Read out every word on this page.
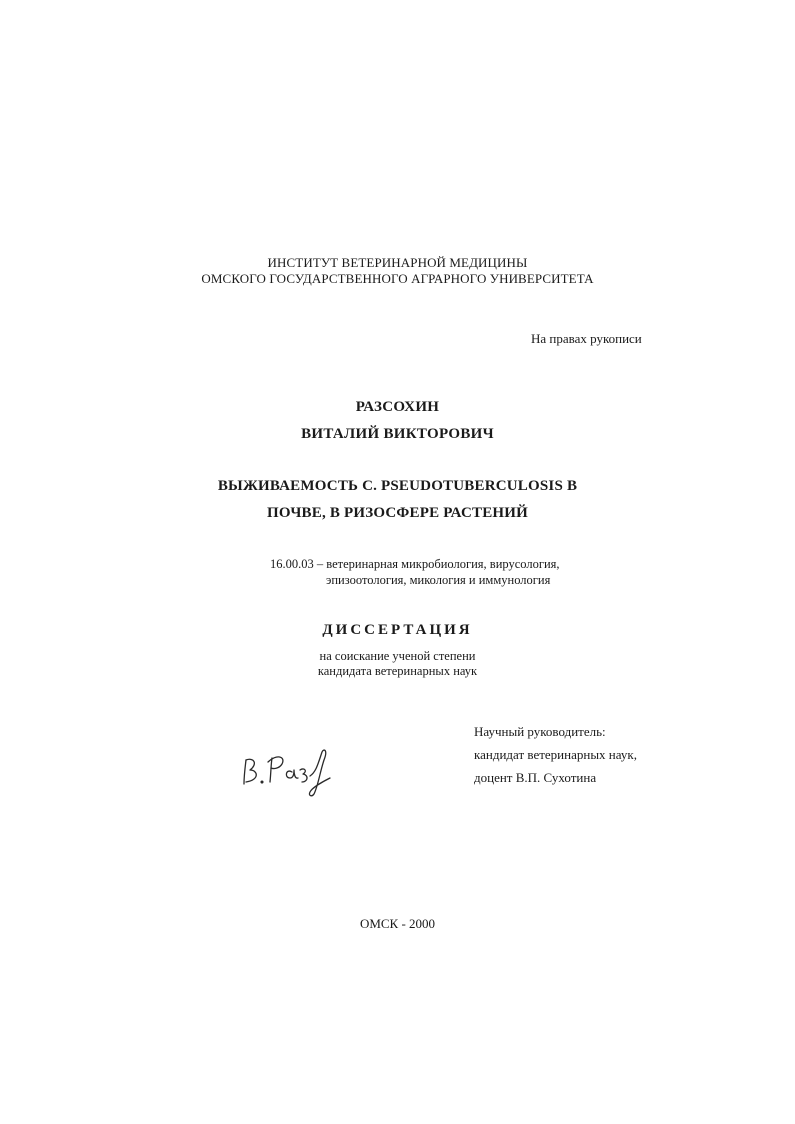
ИНСТИТУТ ВЕТЕРИНАРНОЙ МЕДИЦИНЫ
ОМСКОГО ГОСУДАРСТВЕННОГО АГРАРНОГО УНИВЕРСИТЕТА
На правах рукописи
РАЗСОХИН
ВИТАЛИЙ ВИКТОРОВИЧ
ВЫЖИВАЕМОСТЬ C. PSEUDOTUBERCULOSIS В
ПОЧВЕ, В РИЗОСФЕРЕ РАСТЕНИЙ
16.00.03 – ветеринарная микробиология, вирусология,
эпизоотология, микология и иммунология
ДИССЕРТАЦИЯ
на соискание ученой степени
кандидата ветеринарных наук
Научный руководитель:
кандидат ветеринарных наук,
доцент В.П. Сухотина
ОМСК - 2000
